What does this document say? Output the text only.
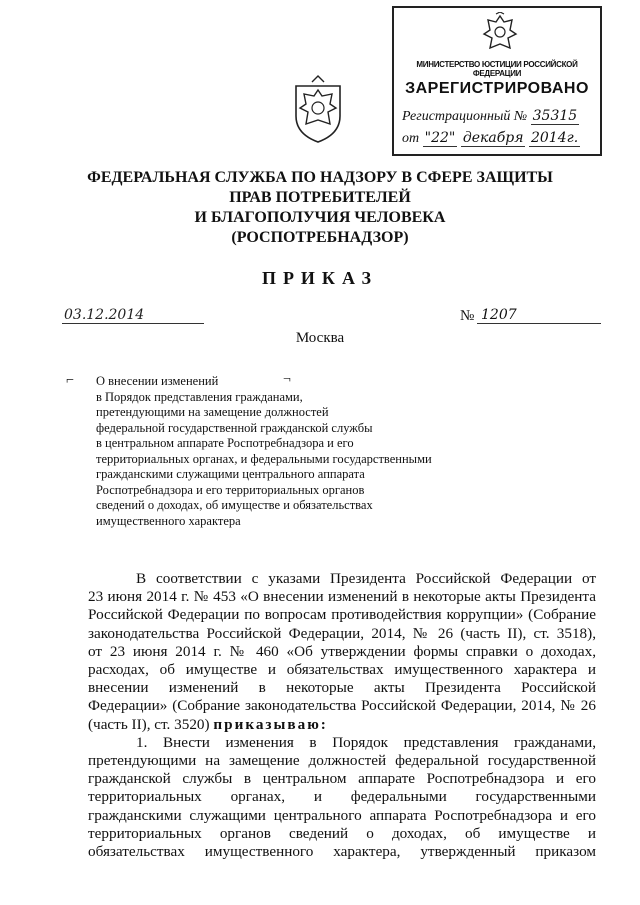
МИНИСТЕРСТВО ЮСТИЦИИ РОССИЙСКОЙ ФЕДЕРАЦИИ
ЗАРЕГИСТРИРОВАНО
Регистрационный № 35315
от "22" декабря 2014г.
ФЕДЕРАЛЬНАЯ СЛУЖБА ПО НАДЗОРУ В СФЕРЕ ЗАЩИТЫ
ПРАВ ПОТРЕБИТЕЛЕЙ
И БЛАГОПОЛУЧИЯ ЧЕЛОВЕКА
(РОСПОТРЕБНАДЗОР)
ПРИКАЗ
03.12.2014	№ 1207
Москва
⌐	¬
О внесении изменений
в Порядок представления гражданами,
претендующими на замещение должностей
федеральной государственной гражданской службы
в центральном аппарате Роспотребнадзора и его
территориальных органах, и федеральными государственными
гражданскими служащими центрального аппарата
Роспотребнадзора и его территориальных органов
сведений о доходах, об имуществе и обязательствах
имущественного характера
В соответствии с указами Президента Российской Федерации от
23 июня 2014 г. № 453 «О внесении изменений в некоторые акты Президента
Российской Федерации по вопросам противодействия коррупции» (Собрание
законодательства Российской Федерации, 2014, № 26 (часть II), ст. 3518),
от 23 июня 2014 г. № 460 «Об утверждении формы справки о доходах,
расходах, об имуществе и обязательствах имущественного характера и
внесении изменений в некоторые акты Президента Российской
Федерации» (Собрание законодательства Российской Федерации, 2014, № 26
(часть II), ст. 3520) приказываю:
1. Внести изменения в Порядок представления гражданами,
претендующими на замещение должностей федеральной государственной
гражданской службы в центральном аппарате Роспотребнадзора и его
территориальных органах, и федеральными государственными
гражданскими служащими центрального аппарата Роспотребнадзора и его
территориальных органов сведений о доходах, об имуществе и
обязательствах имущественного характера, утвержденный приказом
